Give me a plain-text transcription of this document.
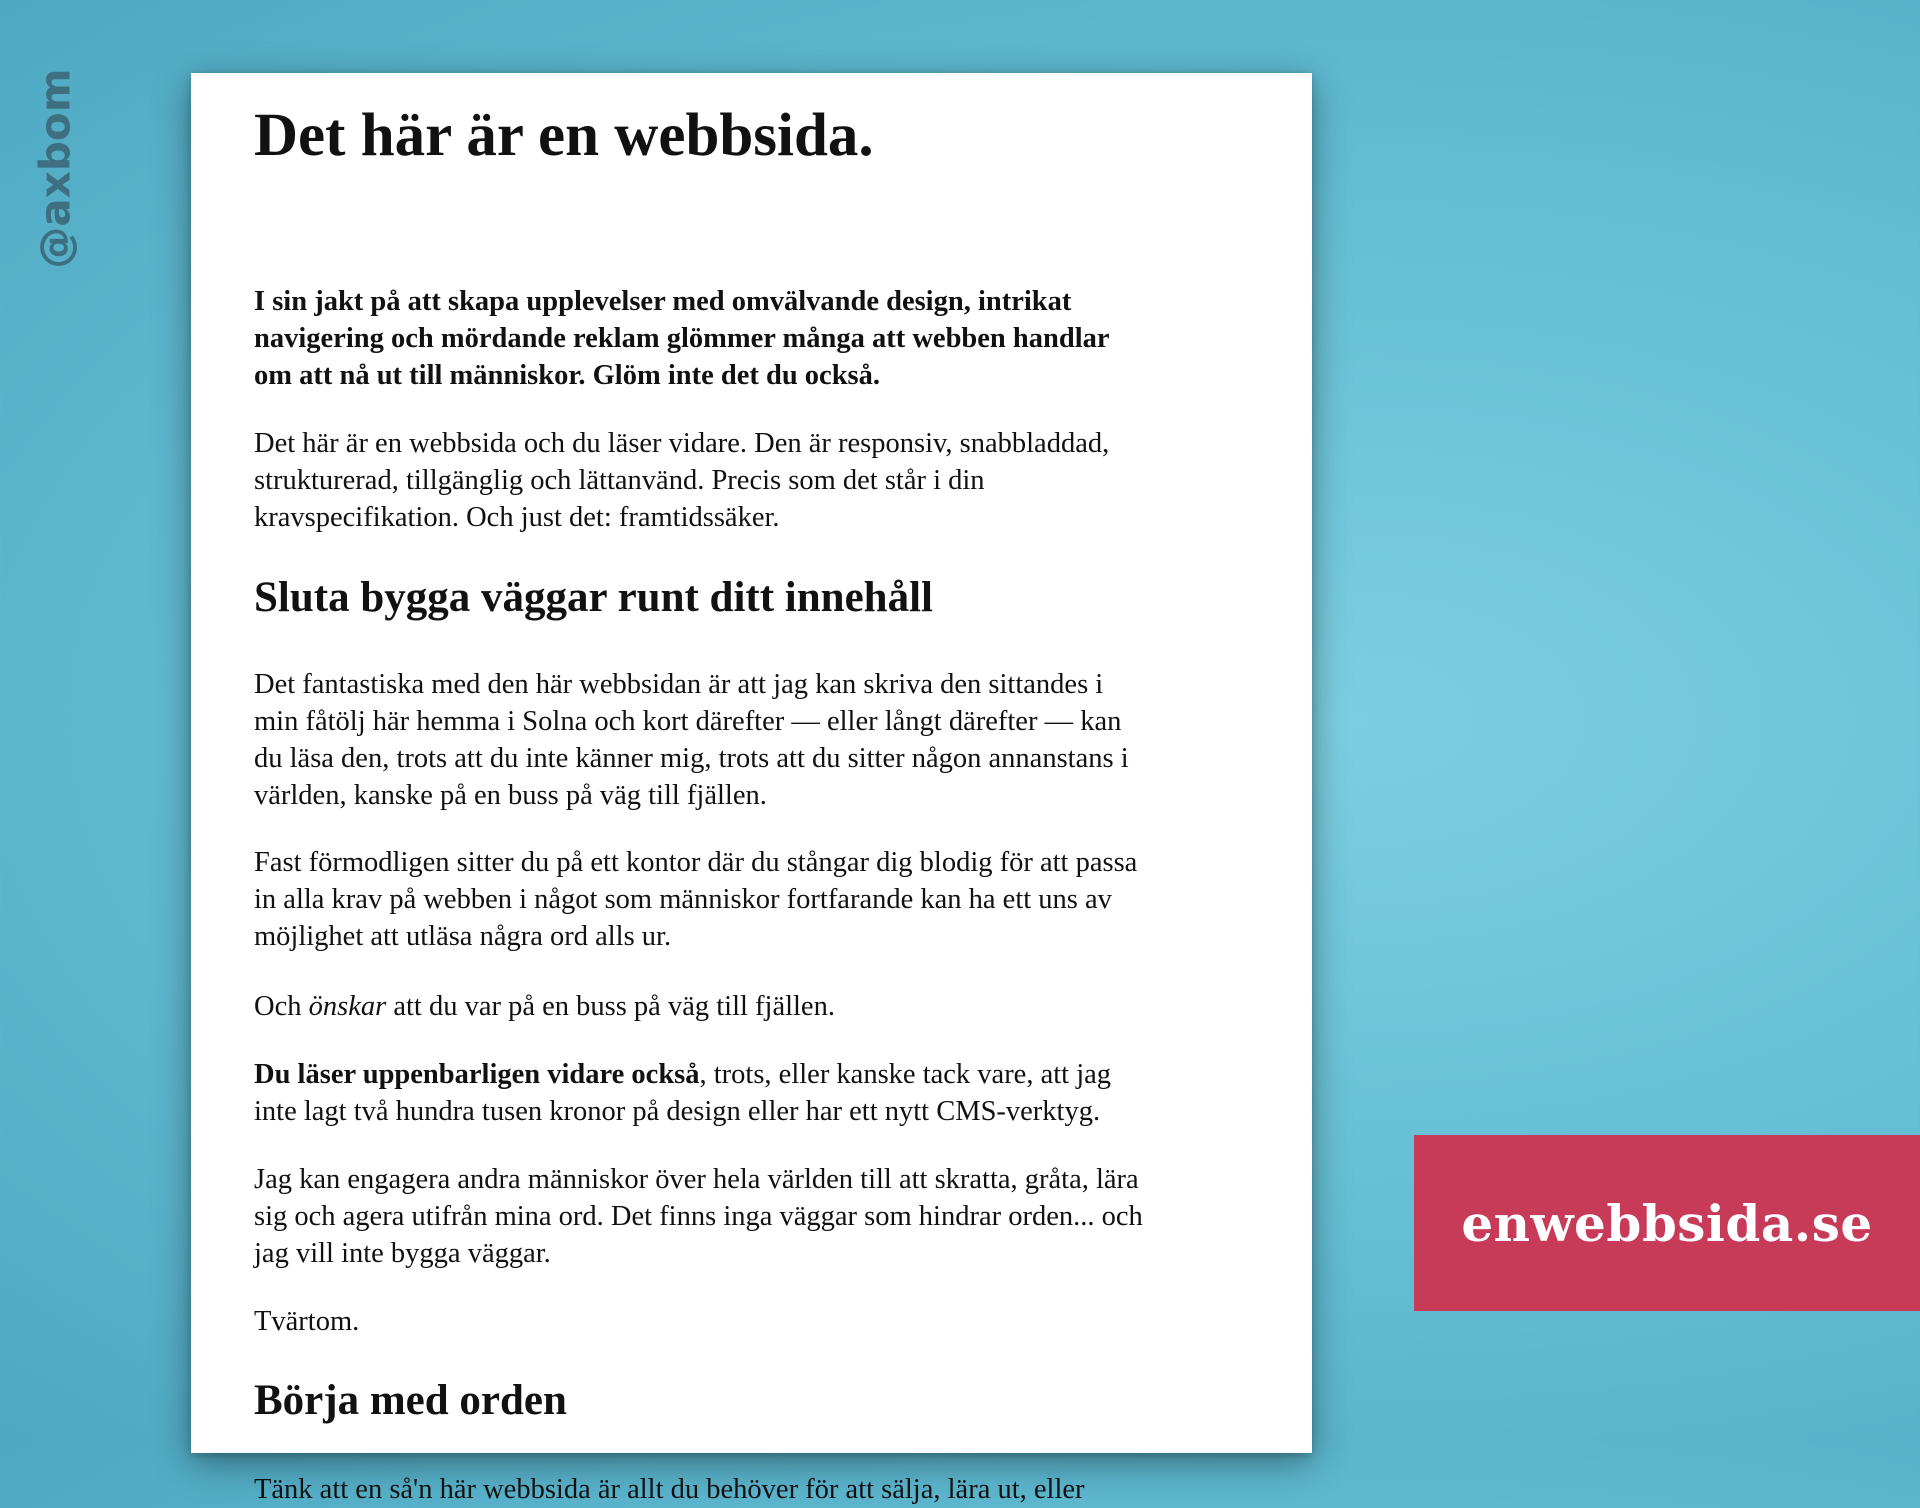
@axbom	Det här är en webbsida.

I sin jakt på att skapa upplevelser med omvälvande design, intrikat
navigering och mördande reklam glömmer många att webben handlar
om att nå ut till människor. Glöm inte det du också.

Det här är en webbsida och du läser vidare. Den är responsiv, snabbladdad,
strukturerad, tillgänglig och lättanvänd. Precis som det står i din
kravspecifikation. Och just det: framtidssäker.

Sluta bygga väggar runt ditt innehåll

Det fantastiska med den här webbsidan är att jag kan skriva den sittandes i
min fåtölj här hemma i Solna och kort därefter — eller långt därefter — kan
du läsa den, trots att du inte känner mig, trots att du sitter någon annanstans i
världen, kanske på en buss på väg till fjällen.

Fast förmodligen sitter du på ett kontor där du stångar dig blodig för att passa
in alla krav på webben i något som människor fortfarande kan ha ett uns av
möjlighet att utläsa några ord alls ur.

Och önskar att du var på en buss på väg till fjällen.

Du läser uppenbarligen vidare också, trots, eller kanske tack vare, att jag
inte lagt två hundra tusen kronor på design eller har ett nytt CMS-verktyg.

Jag kan engagera andra människor över hela världen till att skratta, gråta, lära
sig och agera utifrån mina ord. Det finns inga väggar som hindrar orden... och
jag vill inte bygga väggar.

Tvärtom.

Börja med orden

Tänk att en så'n här webbsida är allt du behöver för att sälja, lära ut, eller

enwebbsida.se
